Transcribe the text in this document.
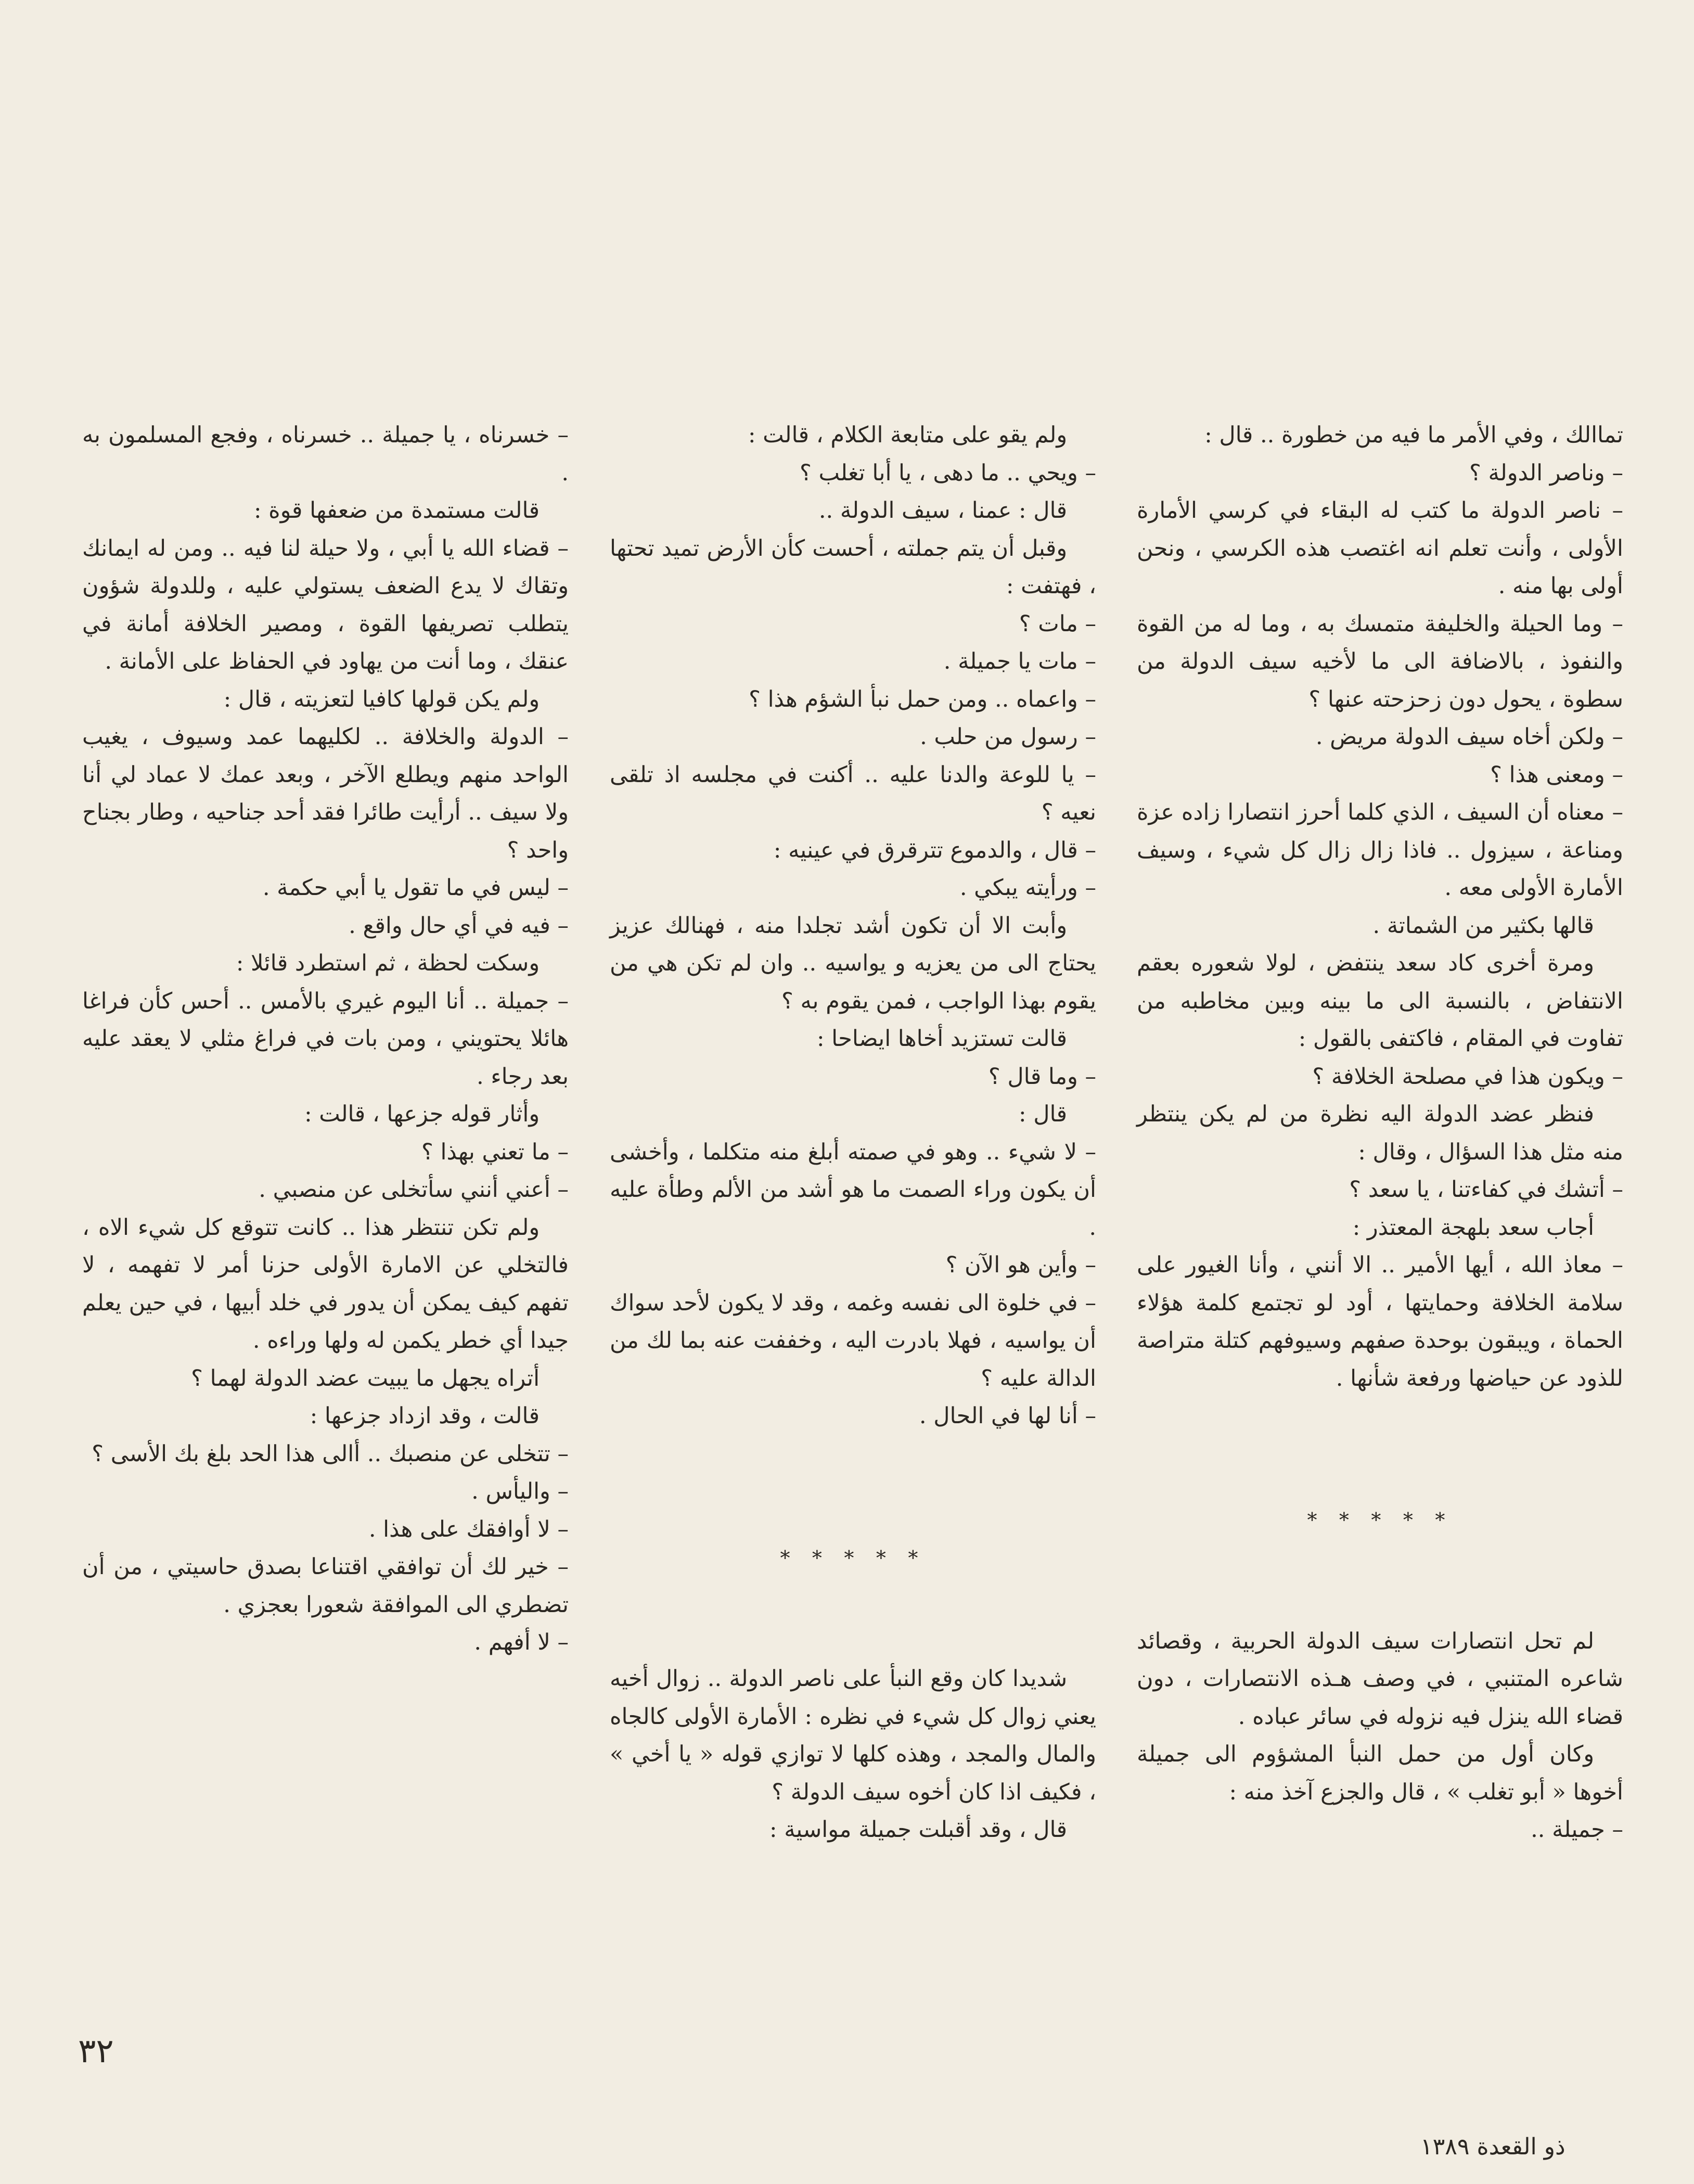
تماالك ، وفي الأمر ما فيه من خطورة .. قال :

– وناصر الدولة ؟

– ناصر الدولة ما كتب له البقاء في كرسي الأمارة الأولى ، وأنت تعلم انه اغتصب هذه الكرسي ، ونحن أولى بها منه .

– وما الحيلة والخليفة متمسك به ، وما له من القوة والنفوذ ، بالاضافة الى ما لأخيه سيف الدولة من سطوة ، يحول دون زحزحته عنها ؟

– ولكن أخاه سيف الدولة مريض .

– ومعنى هذا ؟

– معناه أن السيف ، الذي كلما أحرز انتصارا زاده عزة ومناعة ، سيزول .. فاذا زال زال كل شيء ، وسيف الأمارة الأولى معه .

قالها بكثير من الشماتة .

ومرة أخرى كاد سعد ينتفض ، لولا شعوره بعقم الانتفاض ، بالنسبة الى ما بينه وبين مخاطبه من تفاوت في المقام ، فاكتفى بالقول :

– ويكون هذا في مصلحة الخلافة ؟

فنظر عضد الدولة اليه نظرة من لم يكن ينتظر منه مثل هذا السؤال ، وقال :

– أتشك في كفاءتنا ، يا سعد ؟

أجاب سعد بلهجة المعتذر :

– معاذ الله ، أيها الأمير .. الا أنني ، وأنا الغيور على سلامة الخلافة وحمايتها ، أود لو تجتمع كلمة هؤلاء الحماة ، ويبقون بوحدة صفهم وسيوفهم كتلة متراصة للذود عن حياضها ورفعة شأنها .

* * * * *

لم تحل انتصارات سيف الدولة الحربية ، وقصائد شاعره المتنبي ، في وصف هـذه الانتصارات ، دون قضاء الله ينزل فيه نزوله في سائر عباده .

وكان أول من حمل النبأ المشؤوم الى جميلة أخوها « أبو تغلب » ، قال والجزع آخذ منه :

– جميلة ..

ولم يقو على متابعة الكلام ، قالت :

– ويحي .. ما دهى ، يا أبا تغلب ؟

قال : عمنا ، سيف الدولة ..

وقبل أن يتم جملته ، أحست كأن الأرض تميد تحتها ، فهتفت :

– مات ؟

– مات يا جميلة .

– واعماه .. ومن حمل نبأ الشؤم هذا ؟

– رسول من حلب .

– يا للوعة والدنا عليه .. أكنت في مجلسه اذ تلقى نعيه ؟

– قال ، والدموع تترقرق في عينيه :

– ورأيته يبكي .

وأبت الا أن تكون أشد تجلدا منه ، فهنالك عزيز يحتاج الى من يعزيه و يواسيه .. وان لم تكن هي من يقوم بهذا الواجب ، فمن يقوم به ؟

قالت تستزيد أخاها ايضاحا :

– وما قال ؟

قال :

– لا شيء .. وهو في صمته أبلغ منه متكلما ، وأخشى أن يكون وراء الصمت ما هو أشد من الألم وطأة عليه .

– وأين هو الآن ؟

– في خلوة الى نفسه وغمه ، وقد لا يكون لأحد سواك أن يواسيه ، فهلا بادرت اليه ، وخففت عنه بما لك من الدالة عليه ؟

– أنا لها في الحال .

* * * * *

شديدا كان وقع النبأ على ناصر الدولة .. زوال أخيه يعني زوال كل شيء في نظره : الأمارة الأولى كالجاه والمال والمجد ، وهذه كلها لا توازي قوله « يا أخي » ، فكيف اذا كان أخوه سيف الدولة ؟

قال ، وقد أقبلت جميلة مواسية :

– خسرناه ، يا جميلة .. خسرناه ، وفجع المسلمون به .

قالت مستمدة من ضعفها قوة :

– قضاء الله يا أبي ، ولا حيلة لنا فيه .. ومن له ايمانك وتقاك لا يدع الضعف يستولي عليه ، وللدولة شؤون يتطلب تصريفها القوة ، ومصير الخلافة أمانة في عنقك ، وما أنت من يهاود في الحفاظ على الأمانة .

ولم يكن قولها كافيا لتعزيته ، قال :

– الدولة والخلافة .. لكليهما عمد وسيوف ، يغيب الواحد منهم ويطلع الآخر ، وبعد عمك لا عماد لي أنا ولا سيف .. أرأيت طائرا فقد أحد جناحيه ، وطار بجناح واحد ؟

– ليس في ما تقول يا أبي حكمة .

– فيه في أي حال واقع .

وسكت لحظة ، ثم استطرد قائلا :

– جميلة .. أنا اليوم غيري بالأمس .. أحس كأن فراغا هائلا يحتويني ، ومن بات في فراغ مثلي لا يعقد عليه بعد رجاء .

وأثار قوله جزعها ، قالت :

– ما تعني بهذا ؟

– أعني أنني سأتخلى عن منصبي .

ولم تكن تنتظر هذا .. كانت تتوقع كل شيء الاه ، فالتخلي عن الامارة الأولى حزنا أمر لا تفهمه ، لا تفهم كيف يمكن أن يدور في خلد أبيها ، في حين يعلم جيدا أي خطر يكمن له ولها وراءه .

أتراه يجهل ما يبيت عضد الدولة لهما ؟

قالت ، وقد ازداد جزعها :

– تتخلى عن منصبك .. أالى هذا الحد بلغ بك الأسى ؟

– واليأس .

– لا أوافقك على هذا .

– خير لك أن توافقي اقتناعا بصدق حاسيتي ، من أن تضطري الى الموافقة شعورا بعجزي .

– لا أفهم .

٣٢
ذو القعدة ١٣٨٩
